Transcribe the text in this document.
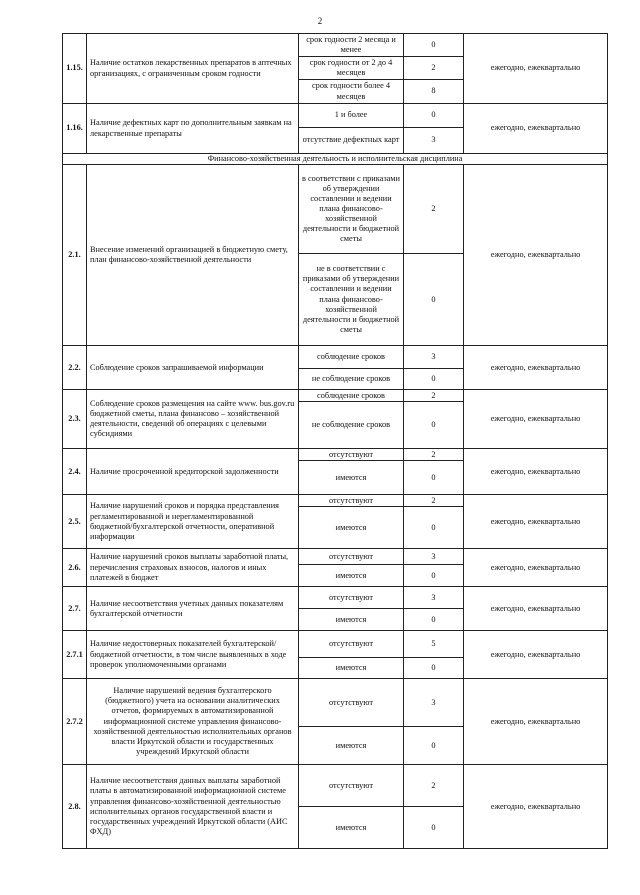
2
1.15.	Наличие остатков лекарственных препаратов в аптечных организациях, с ограниченным сроком годности	срок годности 2 месяца и менее	0	ежегодно, ежеквартально
		срок годности от 2 до 4 месяцев	2	
		срок годности более 4 месяцев	8	
1.16.	Наличие дефектных карт по дополнительным заявкам на лекарственные препараты	1 и более	0	ежегодно, ежеквартально
		отсутствие дефектных карт	3	
Финансово-хозяйственная деятельность и исполнительская дисциплина				
2.1.	Внесение изменений организацией в бюджетную смету, план финансово-хозяйственной деятельности	в соответствии с приказами об утверждении составлении и ведении плана финансово-хозяйственной деятельности и бюджетной сметы	2	ежегодно, ежеквартально
		не в соответствии с приказами об утверждении составлении и ведении плана финансово-хозяйственной деятельности и бюджетной сметы	0	
2.2.	Соблюдение сроков запрашиваемой информации	соблюдение сроков	3	ежегодно, ежеквартально
		не соблюдение сроков	0	
2.3.	Соблюдение сроков размещения на сайте www. bus.gov.ru бюджетной сметы, плана финансово – хозяйственной деятельности, сведений об операциях с целевыми субсидиями	соблюдение сроков	2	ежегодно, ежеквартально
		не соблюдение сроков	0	
2.4.	Наличие просроченной кредиторской задолженности	отсутствуют	2	ежегодно, ежеквартально
		имеются	0	
2.5.	Наличие нарушений сроков и порядка представления регламентированной и нерегламентированной бюджетной/бухгалтерской отчетности, оперативной информации	отсутствуют	2	ежегодно, ежеквартально
		имеются	0	
2.6.	Наличие нарушений сроков выплаты заработной платы, перечисления страховых взносов, налогов и иных платежей в бюджет	отсутствуют	3	ежегодно, ежеквартально
		имеются	0	
2.7.	Наличие несоответствия учетных данных показателям бухгалтерской отчетности	отсутствуют	3	ежегодно, ежеквартально
		имеются	0	
2.7.1	Наличие недостоверных показателей бухгалтерской/бюджетной отчетности, в том числе выявленных в ходе проверок уполномоченными органами	отсутствуют	5	ежегодно, ежеквартально
		имеются	0	
2.7.2	Наличие нарушений ведения бухгалтерского (бюджетного) учета на основании аналитических отчетов, формируемых в автоматизированной информационной системе управления финансово-хозяйственной деятельностью исполнительных органов власти Иркутской области и государственных учреждений Иркутской области	отсутствуют	3	ежегодно, ежеквартально
		имеются	0	
2.8.	Наличие несоответствия данных выплаты заработной платы в автоматизированной информационной системе управления финансово-хозяйственной деятельностью исполнительных органов государственной власти и государственных учреждений Иркутской области (АИС ФХД)	отсутствуют	2	ежегодно, ежеквартально
		имеются	0	
